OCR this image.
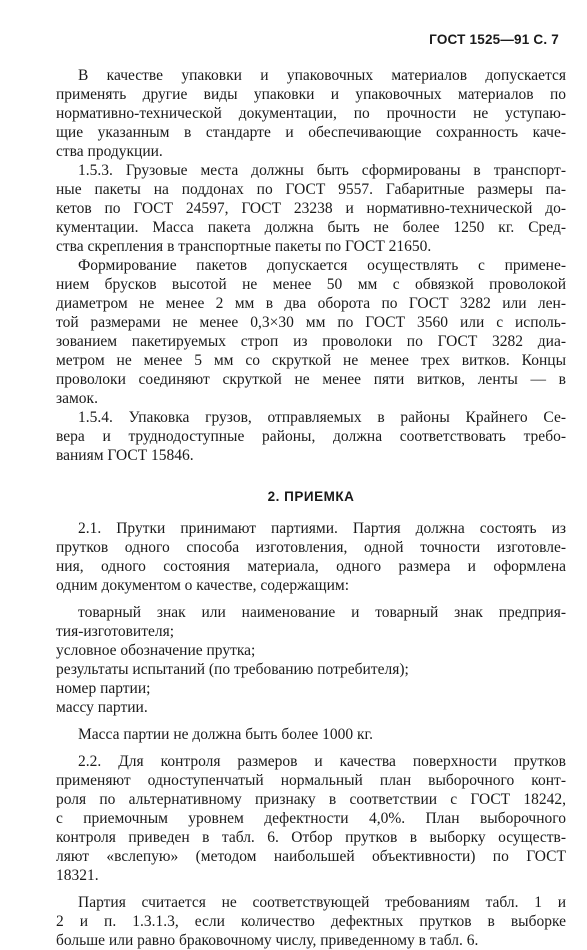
ГОСТ 1525—91 С. 7
В качестве упаковки и упаковочных материалов допускается
применять другие виды упаковки и упаковочных материалов по
нормативно-технической документации, по прочности не уступаю-
щие указанным в стандарте и обеспечивающие сохранность каче-
ства продукции.
1.5.3. Грузовые места должны быть сформированы в транспорт-
ные пакеты на поддонах по ГОСТ 9557. Габаритные размеры па-
кетов по ГОСТ 24597, ГОСТ 23238 и нормативно-технической до-
кументации. Масса пакета должна быть не более 1250 кг. Сред-
ства скрепления в транспортные пакеты по ГОСТ 21650.
Формирование пакетов допускается осуществлять с примене-
нием брусков высотой не менее 50 мм с обвязкой проволокой
диаметром не менее 2 мм в два оборота по ГОСТ 3282 или лен-
той размерами не менее 0,3×30 мм по ГОСТ 3560 или с исполь-
зованием пакетируемых строп из проволоки по ГОСТ 3282 диа-
метром не менее 5 мм со скруткой не менее трех витков. Концы
проволоки соединяют скруткой не менее пяти витков, ленты — в
замок.
1.5.4. Упаковка грузов, отправляемых в районы Крайнего Се-
вера и труднодоступные районы, должна соответствовать требо-
ваниям ГОСТ 15846.
2. ПРИЕМКА
2.1. Прутки принимают партиями. Партия должна состоять из
прутков одного способа изготовления, одной точности изготовле-
ния, одного состояния материала, одного размера и оформлена
одним документом о качестве, содержащим:
товарный знак или наименование и товарный знак предприя-
тия-изготовителя;
условное обозначение прутка;
результаты испытаний (по требованию потребителя);
номер партии;
массу партии.
Масса партии не должна быть более 1000 кг.
2.2. Для контроля размеров и качества поверхности прутков
применяют одноступенчатый нормальный план выборочного конт-
роля по альтернативному признаку в соответствии с ГОСТ 18242,
с приемочным уровнем дефектности 4,0%. План выборочного
контроля приведен в табл. 6. Отбор прутков в выборку осуществ-
ляют «вслепую» (методом наибольшей объективности) по ГОСТ
18321.
Партия считается не соответствующей требованиям табл. 1 и
2 и п. 1.3.1.3, если количество дефектных прутков в выборке
больше или равно браковочному числу, приведенному в табл. 6.
